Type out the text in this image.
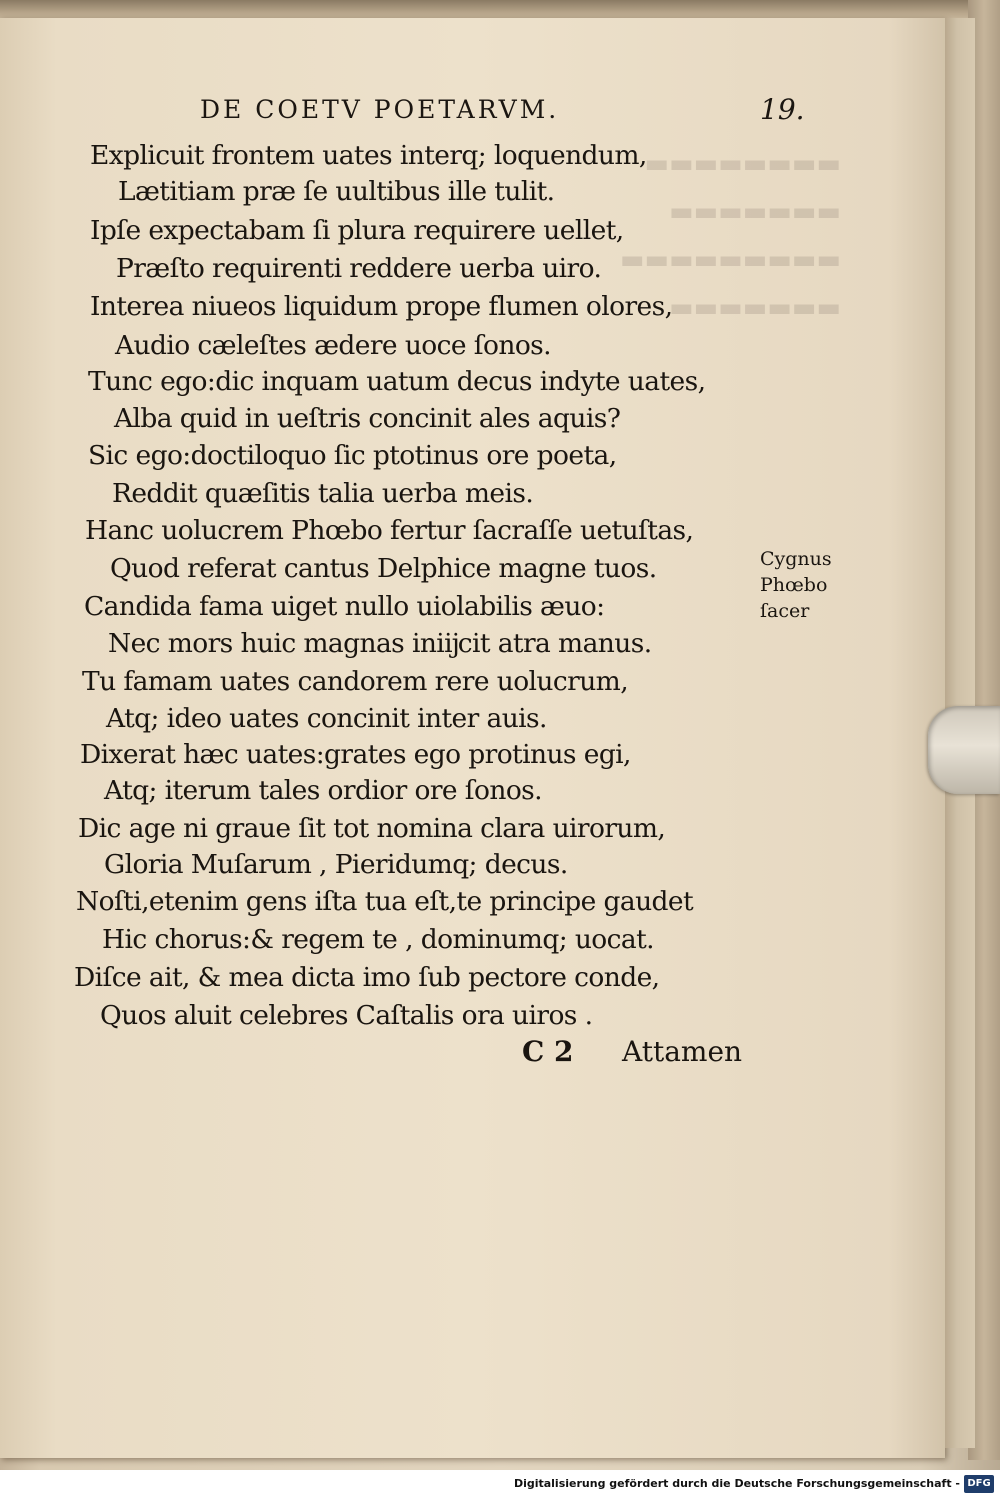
▬▬▬▬▬▬▬▬
▬▬▬▬▬▬▬
▬▬▬▬▬▬▬▬▬
▬▬▬▬▬▬▬
DE COETV POETARVM.	19.
Explicuit frontem uates interq; loquendum,
Lætitiam præ ſe uultibus ille tulit.
Ipſe expectabam ſi plura requirere uellet,
Præſto requirenti reddere uerba uiro.
Interea niueos liquidum prope flumen olores,
Audio cæleſtes ædere uoce ſonos.
Tunc ego:dic inquam uatum decus indyte uates,
Alba quid in ueſtris concinit ales aquis?
Sic ego:doctiloquo ſic ptotinus ore poeta,
Reddit quæſitis talia uerba meis.
Hanc uolucrem Phœbo fertur ſacraſſe uetuſtas,
Quod referat cantus Delphice magne tuos.
Candida fama uiget nullo uiolabilis æuo:
Nec mors huic magnas iniĳcit atra manus.
Tu famam uates candorem rere uolucrum,
Atq; ideo uates concinit inter auis.
Dixerat hæc uates:grates ego protinus egi,
Atq; iterum tales ordior ore ſonos.
Dic age ni graue ſit tot nomina clara uirorum,
Gloria Muſarum , Pieridumq; decus.
Noſti,etenim gens iſta tua eſt,te principe gaudet
Hic chorus:& regem te , dominumq; uocat.
Diſce ait, & mea dicta imo ſub pectore conde,
Quos aluit celebres Caſtalis ora uiros .
Cygnus
Phœbo
ſacer
C 2 Attamen
Digitalisierung gefördert durch die Deutsche Forschungsgemeinschaft - DFG
